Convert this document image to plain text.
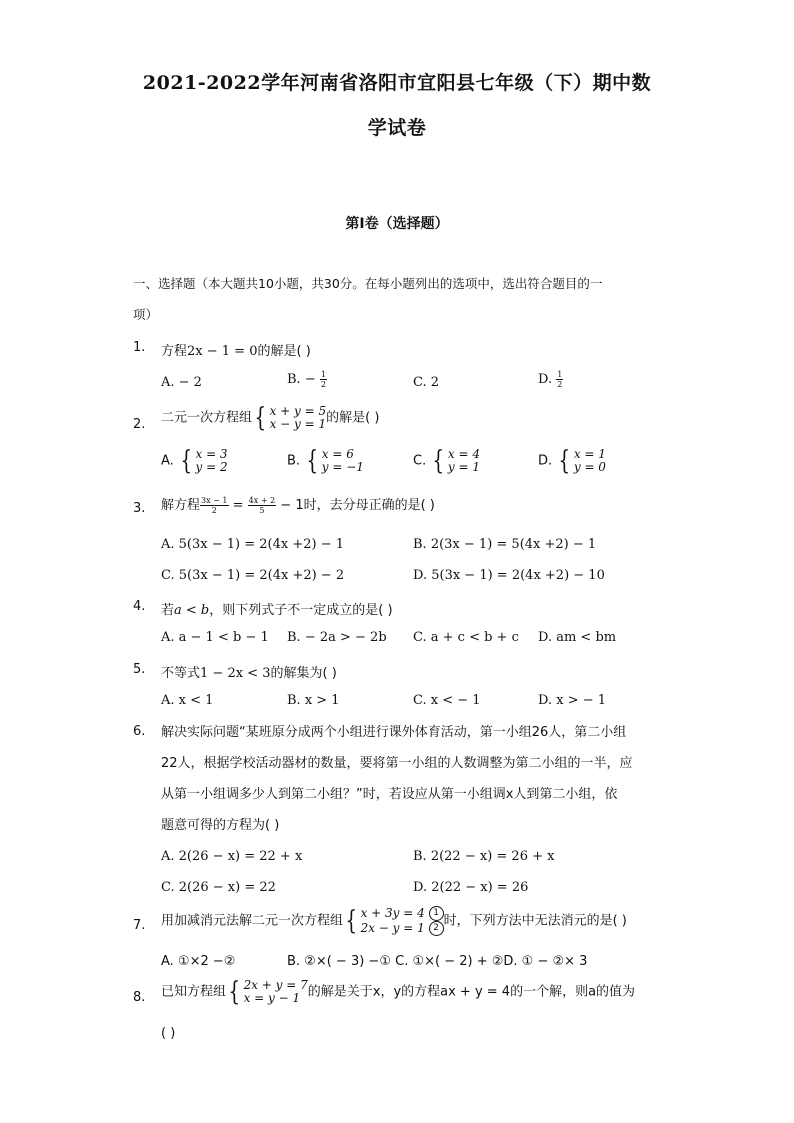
2021-2022学年河南省洛阳市宜阳县七年级（下）期中数
学试卷
第I卷（选择题）
一、选择题（本大题共10小题，共30分。在每小题列出的选项中，选出符合题目的一
项）
1.	方程2x − 1 = 0的解是( )
A. − 2	B. − $\frac{1}{2}$	C. 2	D. $\frac{1}{2}$
2.	二元一次方程组 { x + y = 5
x − y = 1 的解是( )
A. { x = 3
y = 2	B. { x = 6
y = −1	C. { x = 4
y = 1	D. { x = 1
y = 0
3.	解方程 $\frac{3x - 1}{2} = \frac{4x + 2}{5} - 1$时，去分母正确的是( )
A. 5(3x − 1) = 2(4x +2) − 1	B. 2(3x − 1) = 5(4x +2) − 1
C. 5(3x − 1) = 2(4x +2) − 2	D. 5(3x − 1) = 2(4x +2) − 10
4.	若a < b，则下列式子不一定成立的是( )
A. a − 1 < b − 1 B. − 2a > − 2b C. a + c < b + c D. am < bm
5.	不等式1 − 2x < 3的解集为( )
A. x < 1	B. x > 1	C. x < − 1	D. x > − 1
6.	解决实际问题“某班原分成两个小组进行课外体育活动，第一小组26人，第二小组
22人，根据学校活动器材的数量，要将第一小组的人数调整为第二小组的一半，应
从第一小组调多少人到第二小组？”时，若设应从第一小组调x人到第二小组，依
题意可得的方程为( )
A. 2(26 − x) = 22 + x	B. 2(22 − x) = 26 + x
C. 2(26 − x) = 22	D. 2(22 − x) = 26
7.	用加减消元法解二元一次方程组 { x + 3y = 4 1
2x − y = 1 2 时，下列方法中无法消元的是( )
A. ①×2 −②	B. ②×( − 3) −① C. ①×( − 2) + ②D. ① − ②× 3
8.	已知方程组 { 2x + y = 7
x = y − 1 的解是关于x，y的方程ax + y = 4的一个解，则a的值为
( )
